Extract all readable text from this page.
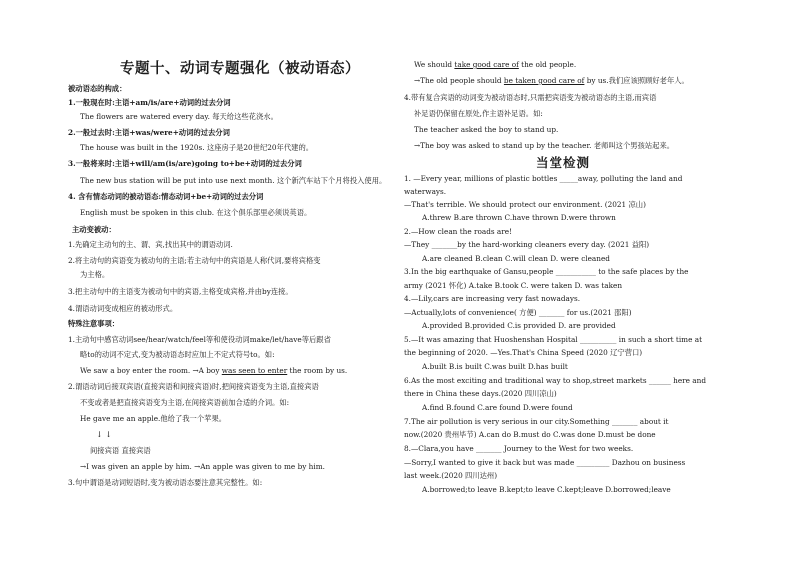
专题十、动词专题强化（被动语态）
被动语态的构成：
1.一般现在时:主语+am/is/are+动词的过去分词
The flowers are watered every day. 每天给这些花浇水。
2.一般过去时:主语+was/were+动词的过去分词
The house was built in the 1920s. 这座房子是20世纪20年代建的。
3.一般将来时:主语+will/am(is/are)going to+be+动词的过去分词
The new bus station will be put into use next month. 这个新汽车站下个月将投入使用。
4. 含有情态动词的被动语态:情态动词+be+动词的过去分词
English must be spoken in this club. 在这个俱乐部里必须说英语。
主动变被动：
1.先确定主动句的主、谓、宾,找出其中的谓语动词.
2.将主动句的宾语变为被动句的主语;若主动句中的宾语是人称代词,要将宾格变
为主格。
3.把主动句中的主语变为被动句中的宾语,主格变成宾格,并由by连接。
4.谓语动词变成相应的被动形式。
特殊注意事项：
1.主动句中感官动词see/hear/watch/feel等和使役动词make/let/have等后跟省
略to的动词不定式,变为被动语态时应加上不定式符号to。如:
We saw a boy enter the room. →A boy was seen to enter the room by us.
2.谓语动词后接双宾语(直接宾语和间接宾语)时,把间接宾语变为主语,直接宾语
不变或者是把直接宾语变为主语,在间接宾语前加合适的介词。如:
He gave me an apple.他给了我一个苹果。
↓ ↓
间接宾语 直接宾语
→I was given an apple by him. →An apple was given to me by him.
3.句中谓语是动词短语时,变为被动语态要注意其完整性。如:
We should take good care of the old people.
→The old people should be taken good care of by us.我们应该照顾好老年人。
4.带有复合宾语的动词变为被动语态时,只需把宾语变为被动语态的主语,而宾语
补足语仍保留在原处,作主语补足语。如:
The teacher asked the boy to stand up.
→The boy was asked to stand up by the teacher. 老师叫这个男孩站起来。
当堂检测
1. —Every year, millions of plastic bottles _____away, polluting the land and
waterways.
—That's terrible. We should protect our environment. (2021 凉山)
A.threw B.are thrown C.have thrown D.were thrown
2.—How clean the roads are!
—They _______by the hard-working cleaners every day. (2021 益阳)
A.are cleaned B.clean C.will clean D. were cleaned
3.In the big earthquake of Gansu,people ___________ to the safe places by the
army (2021 怀化) A.take B.took C. were taken D. was taken
4.—Lily,cars are increasing very fast nowadays.
—Actually,lots of convenience( 方便) _______ for us.(2021 邵阳)
A.provided B.provided C.is provided D. are provided
5.—It was amazing that Huoshenshan Hospital __________ in such a short time at
the beginning of 2020. —Yes.That's China Speed (2020 辽宁营口)
A.built B.is built C.was built D.has built
6.As the most exciting and traditional way to shop,street markets ______ here and
there in China these days.(2020 四川凉山)
A.find B.found C.are found D.were found
7.The air pollution is very serious in our city.Something _______ about it
now.(2020 贵州毕节) A.can do B.must do C.was done D.must be done
8.—Clara,you have _______ Journey to the West for two weeks.
—Sorry,I wanted to give it back but was made _________ Dazhou on business
last week.(2020 四川达州)
A.borrowed;to leave B.kept;to leave C.kept;leave D.borrowed;leave
